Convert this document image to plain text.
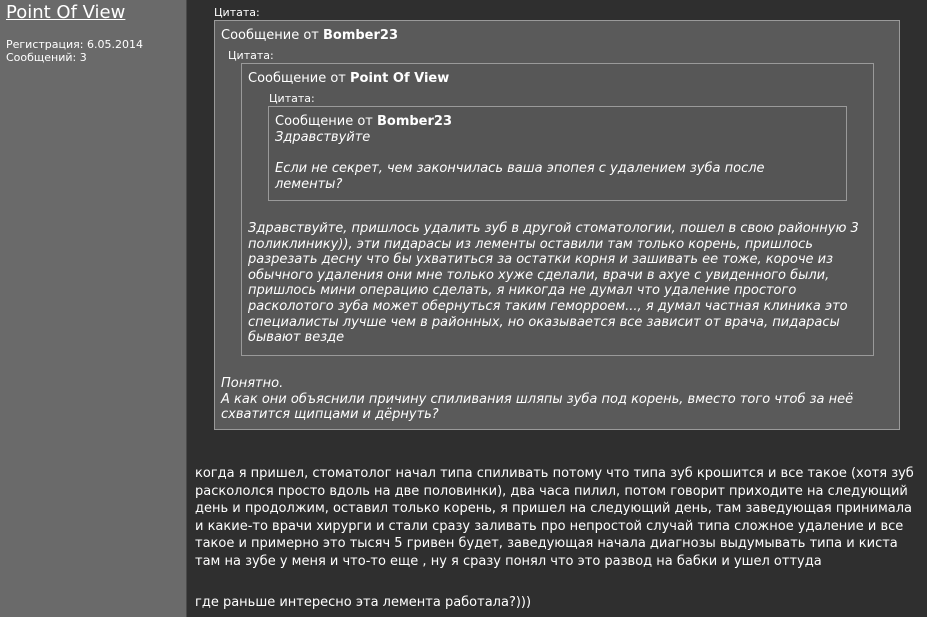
Point Of View
Регистрация: 6.05.2014
Сообщений: 3
Цитата:
Сообщение от Bomber23
Цитата:
Сообщение от Point Of View
Цитата:
Сообщение от Bomber23
Здравствуйте

Если не секрет, чем закончилась ваша эпопея с удалением зуба после лементы?
Здравствуйте, пришлось удалить зуб в другой стоматологии, пошел в свою районную 3 поликлинику)), эти пидарасы из лементы оставили там только корень, пришлось разрезать десну что бы ухватиться за остатки корня и зашивать ее тоже, короче из обычного удаления они мне только хуже сделали, врачи в ахуе с увиденного были, пришлось мини операцию сделать, я никогда не думал что удаление простого расколотого зуба может обернуться таким геморроем..., я думал частная клиника это специалисты лучше чем в районных, но оказывается все зависит от врача, пидарасы бывают везде
Понятно.
А как они объяснили причину спиливания шляпы зуба под корень, вместо того чтоб за неё схватится щипцами и дёрнуть?
когда я пришел, стоматолог начал типа спиливать потому что типа зуб крошится и все такое (хотя зуб раскололся просто вдоль на две половинки), два часа пилил, потом говорит приходите на следующий день и продолжим, оставил только корень, я пришел на следующий день, там заведующая принимала и какие-то врачи хирурги и стали сразу заливать про непростой случай типа сложное удаление и все такое и примерно это тысяч 5 гривен будет, заведующая начала диагнозы выдумывать типа и киста там на зубе у меня и что-то еще , ну я сразу понял что это развод на бабки и ушел оттуда
где раньше интересно эта лемента работала?)))
